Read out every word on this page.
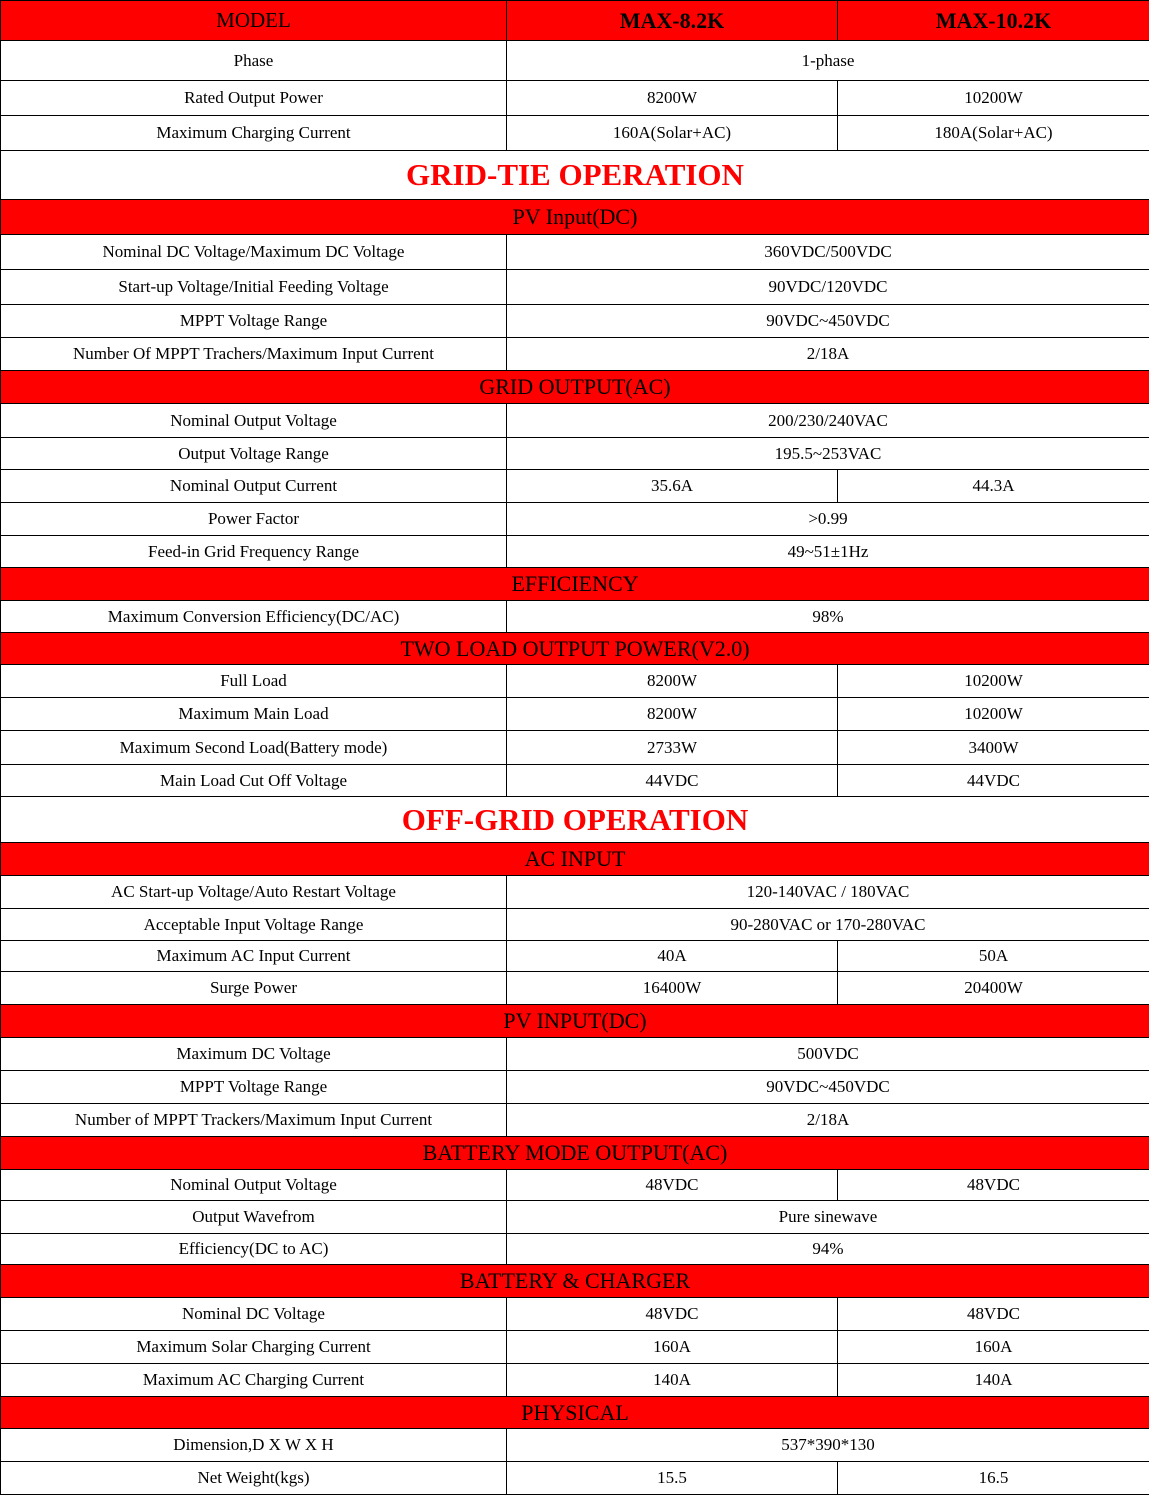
MODEL	MAX-8.2K	MAX-10.2K
Phase	1-phase	
Rated Output Power	8200W	10200W
Maximum Charging Current	160A(Solar+AC)	180A(Solar+AC)
GRID-TIE OPERATION		
PV Input(DC)		
Nominal DC Voltage/Maximum DC Voltage	360VDC/500VDC	
Start-up Voltage/Initial Feeding Voltage	90VDC/120VDC	
MPPT Voltage Range	90VDC~450VDC	
Number Of MPPT Trachers/Maximum Input Current	2/18A	
GRID OUTPUT(AC)		
Nominal Output Voltage	200/230/240VAC	
Output Voltage Range	195.5~253VAC	
Nominal Output Current	35.6A	44.3A
Power Factor	>0.99	
Feed-in Grid Frequency Range	49~51±1Hz	
EFFICIENCY		
Maximum Conversion Efficiency(DC/AC)	98%	
TWO LOAD OUTPUT POWER(V2.0)		
Full Load	8200W	10200W
Maximum Main Load	8200W	10200W
Maximum Second Load(Battery mode)	2733W	3400W
Main Load Cut Off Voltage	44VDC	44VDC
OFF-GRID OPERATION		
AC INPUT		
AC Start-up Voltage/Auto Restart Voltage	120-140VAC / 180VAC	
Acceptable Input Voltage Range	90-280VAC or 170-280VAC	
Maximum AC Input Current	40A	50A
Surge Power	16400W	20400W
PV INPUT(DC)		
Maximum DC Voltage	500VDC	
MPPT Voltage Range	90VDC~450VDC	
Number of MPPT Trackers/Maximum Input Current	2/18A	
BATTERY MODE OUTPUT(AC)		
Nominal Output Voltage	48VDC	48VDC
Output Wavefrom	Pure sinewave	
Efficiency(DC to AC)	94%	
BATTERY & CHARGER		
Nominal DC Voltage	48VDC	48VDC
Maximum Solar Charging Current	160A	160A
Maximum AC Charging Current	140A	140A
PHYSICAL		
Dimension,D X W X H	537*390*130	
Net Weight(kgs)	15.5	16.5
